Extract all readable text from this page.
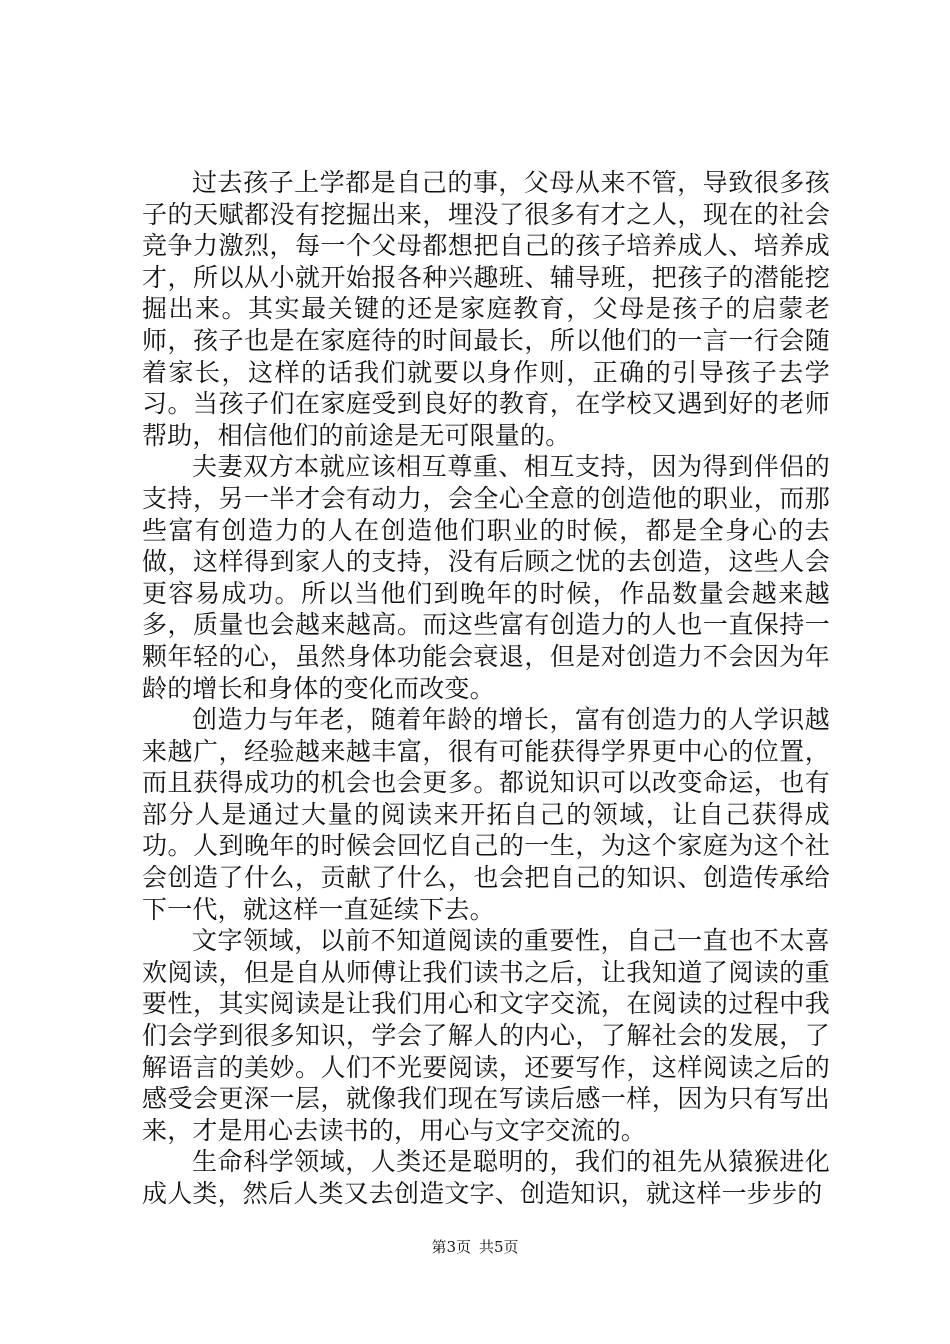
过去孩子上学都是自己的事，父母从来不管，导致很多孩子的天赋都没有挖掘出来，埋没了很多有才之人，现在的社会竞争力激烈，每一个父母都想把自己的孩子培养成人、培养成才，所以从小就开始报各种兴趣班、辅导班，把孩子的潜能挖掘出来。其实最关键的还是家庭教育，父母是孩子的启蒙老师，孩子也是在家庭待的时间最长，所以他们的一言一行会随着家长，这样的话我们就要以身作则，正确的引导孩子去学习。当孩子们在家庭受到良好的教育，在学校又遇到好的老师帮助，相信他们的前途是无可限量的。

夫妻双方本就应该相互尊重、相互支持，因为得到伴侣的支持，另一半才会有动力，会全心全意的创造他的职业，而那些富有创造力的人在创造他们职业的时候，都是全身心的去做，这样得到家人的支持，没有后顾之忧的去创造，这些人会更容易成功。所以当他们到晚年的时候，作品数量会越来越多，质量也会越来越高。而这些富有创造力的人也一直保持一颗年轻的心，虽然身体功能会衰退，但是对创造力不会因为年龄的增长和身体的变化而改变。

创造力与年老，随着年龄的增长，富有创造力的人学识越来越广，经验越来越丰富，很有可能获得学界更中心的位置，而且获得成功的机会也会更多。都说知识可以改变命运，也有部分人是通过大量的阅读来开拓自己的领域，让自己获得成功。人到晚年的时候会回忆自己的一生，为这个家庭为这个社会创造了什么，贡献了什么，也会把自己的知识、创造传承给下一代，就这样一直延续下去。

文字领域，以前不知道阅读的重要性，自己一直也不太喜欢阅读，但是自从师傅让我们读书之后，让我知道了阅读的重要性，其实阅读是让我们用心和文字交流，在阅读的过程中我们会学到很多知识，学会了解人的内心，了解社会的发展，了解语言的美妙。人们不光要阅读，还要写作，这样阅读之后的感受会更深一层，就像我们现在写读后感一样，因为只有写出来，才是用心去读书的，用心与文字交流的。

生命科学领域，人类还是聪明的，我们的祖先从猿猴进化成人类，然后人类又去创造文字、创造知识，就这样一步步的

第3页 共5页
